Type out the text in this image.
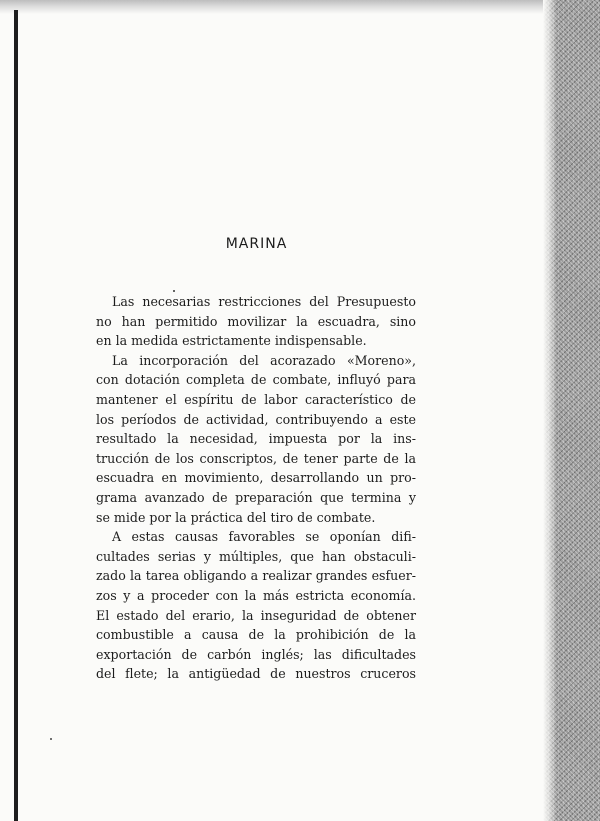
MARINA
Las necesarias restricciones del Presupuesto
no han permitido movilizar la escuadra, sino
en la medida estrictamente indispensable.
La incorporación del acorazado «Moreno»,
con dotación completa de combate, influyó para
mantener el espíritu de labor característico de
los períodos de actividad, contribuyendo a este
resultado la necesidad, impuesta por la ins-
trucción de los conscriptos, de tener parte de la
escuadra en movimiento, desarrollando un pro-
grama avanzado de preparación que termina y
se mide por la práctica del tiro de combate.
A estas causas favorables se oponían difi-
cultades serias y múltiples, que han obstaculi-
zado la tarea obligando a realizar grandes esfuer-
zos y a proceder con la más estricta economía.
El estado del erario, la inseguridad de obtener
combustible a causa de la prohibición de la
exportación de carbón inglés; las dificultades
del flete; la antigüedad de nuestros cruceros
